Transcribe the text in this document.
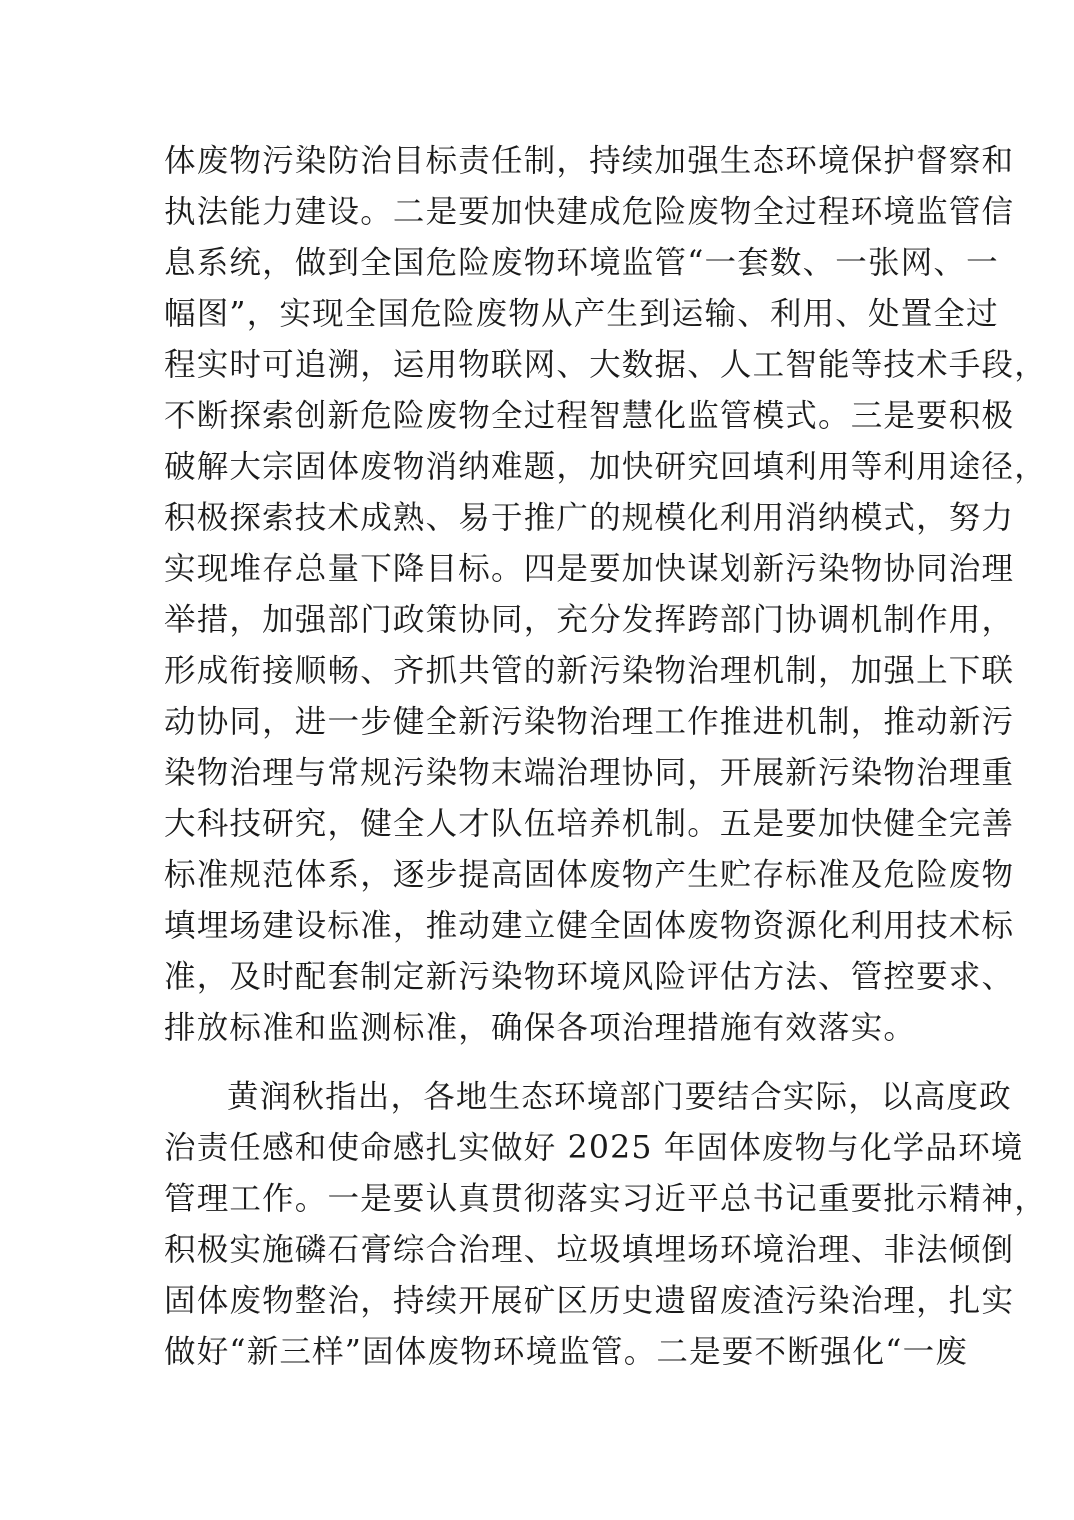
体废物污染防治目标责任制，持续加强生态环境保护督察和
执法能力建设。二是要加快建成危险废物全过程环境监管信
息系统，做到全国危险废物环境监管“一套数、一张网、一
幅图”，实现全国危险废物从产生到运输、利用、处置全过
程实时可追溯，运用物联网、大数据、人工智能等技术手段，
不断探索创新危险废物全过程智慧化监管模式。三是要积极
破解大宗固体废物消纳难题，加快研究回填利用等利用途径，
积极探索技术成熟、易于推广的规模化利用消纳模式，努力
实现堆存总量下降目标。四是要加快谋划新污染物协同治理
举措，加强部门政策协同，充分发挥跨部门协调机制作用，
形成衔接顺畅、齐抓共管的新污染物治理机制，加强上下联
动协同，进一步健全新污染物治理工作推进机制，推动新污
染物治理与常规污染物末端治理协同，开展新污染物治理重
大科技研究，健全人才队伍培养机制。五是要加快健全完善
标准规范体系，逐步提高固体废物产生贮存标准及危险废物
填埋场建设标准，推动建立健全固体废物资源化利用技术标
准，及时配套制定新污染物环境风险评估方法、管控要求、
排放标准和监测标准，确保各项治理措施有效落实。
黄润秋指出，各地生态环境部门要结合实际，以高度政
治责任感和使命感扎实做好 2025 年固体废物与化学品环境
管理工作。一是要认真贯彻落实习近平总书记重要批示精神，
积极实施磷石膏综合治理、垃圾填埋场环境治理、非法倾倒
固体废物整治，持续开展矿区历史遗留废渣污染治理，扎实
做好“新三样”固体废物环境监管。二是要不断强化“一废
